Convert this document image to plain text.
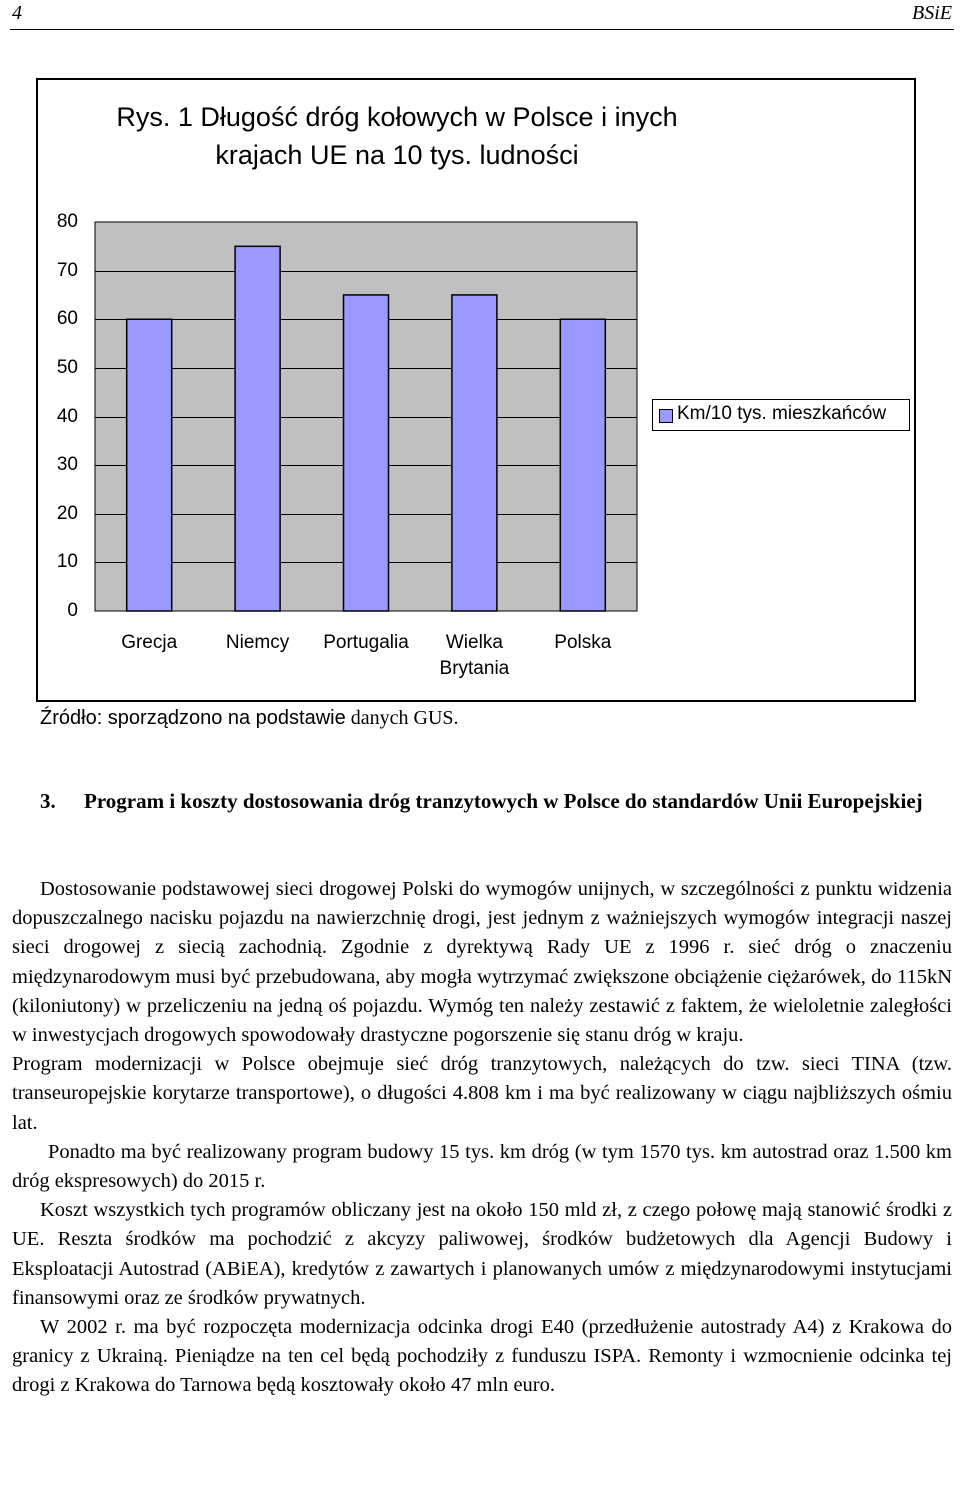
4	BSiE
Rys. 1 Długość dróg kołowych w Polsce i inych
krajach UE na 10 tys. ludności
0
10
20
30
40
50
60
70
80
Grecja	Niemcy	Portugalia	Wielka
Brytania
Polska
Km/10 tys. mieszkańców
Źródło: sporządzono na podstawie danych GUS.
3. Program i koszty dostosowania dróg tranzytowych w Polsce do standardów Unii Europejskiej

Dostosowanie podstawowej sieci drogowej Polski do wymogów unijnych, w szczególności z punktu widzenia dopuszczalnego nacisku pojazdu na nawierzchnię drogi, jest jednym z ważniejszych wymogów integracji naszej sieci drogowej z siecią zachodnią. Zgodnie z dyrektywą Rady UE z 1996 r. sieć dróg o znaczeniu międzynarodowym musi być przebudowana, aby mogła wytrzymać zwiększone obciążenie ciężarówek, do 115kN (kiloniutony) w przeliczeniu na jedną oś pojazdu. Wymóg ten należy zestawić z faktem, że wieloletnie zaległości w inwestycjach drogowych spowodowały drastyczne pogorszenie się stanu dróg w kraju.

Program modernizacji w Polsce obejmuje sieć dróg tranzytowych, należących do tzw. sieci TINA (tzw. transeuropejskie korytarze transportowe), o długości 4.808 km i ma być realizowany w ciągu najbliższych ośmiu lat.

Ponadto ma być realizowany program budowy 15 tys. km dróg (w tym 1570 tys. km autostrad oraz 1.500 km dróg ekspresowych) do 2015 r.

Koszt wszystkich tych programów obliczany jest na około 150 mld zł, z czego połowę mają stanowić środki z UE. Reszta środków ma pochodzić z akcyzy paliwowej, środków budżetowych dla Agencji Budowy i Eksploatacji Autostrad (ABiEA), kredytów z zawartych i planowanych umów z międzynarodowymi instytucjami finansowymi oraz ze środków prywatnych.

W 2002 r. ma być rozpoczęta modernizacja odcinka drogi E40 (przedłużenie autostrady A4) z Krakowa do granicy z Ukrainą. Pieniądze na ten cel będą pochodziły z funduszu ISPA. Remonty i wzmocnienie odcinka tej drogi z Krakowa do Tarnowa będą kosztowały około 47 mln euro.
